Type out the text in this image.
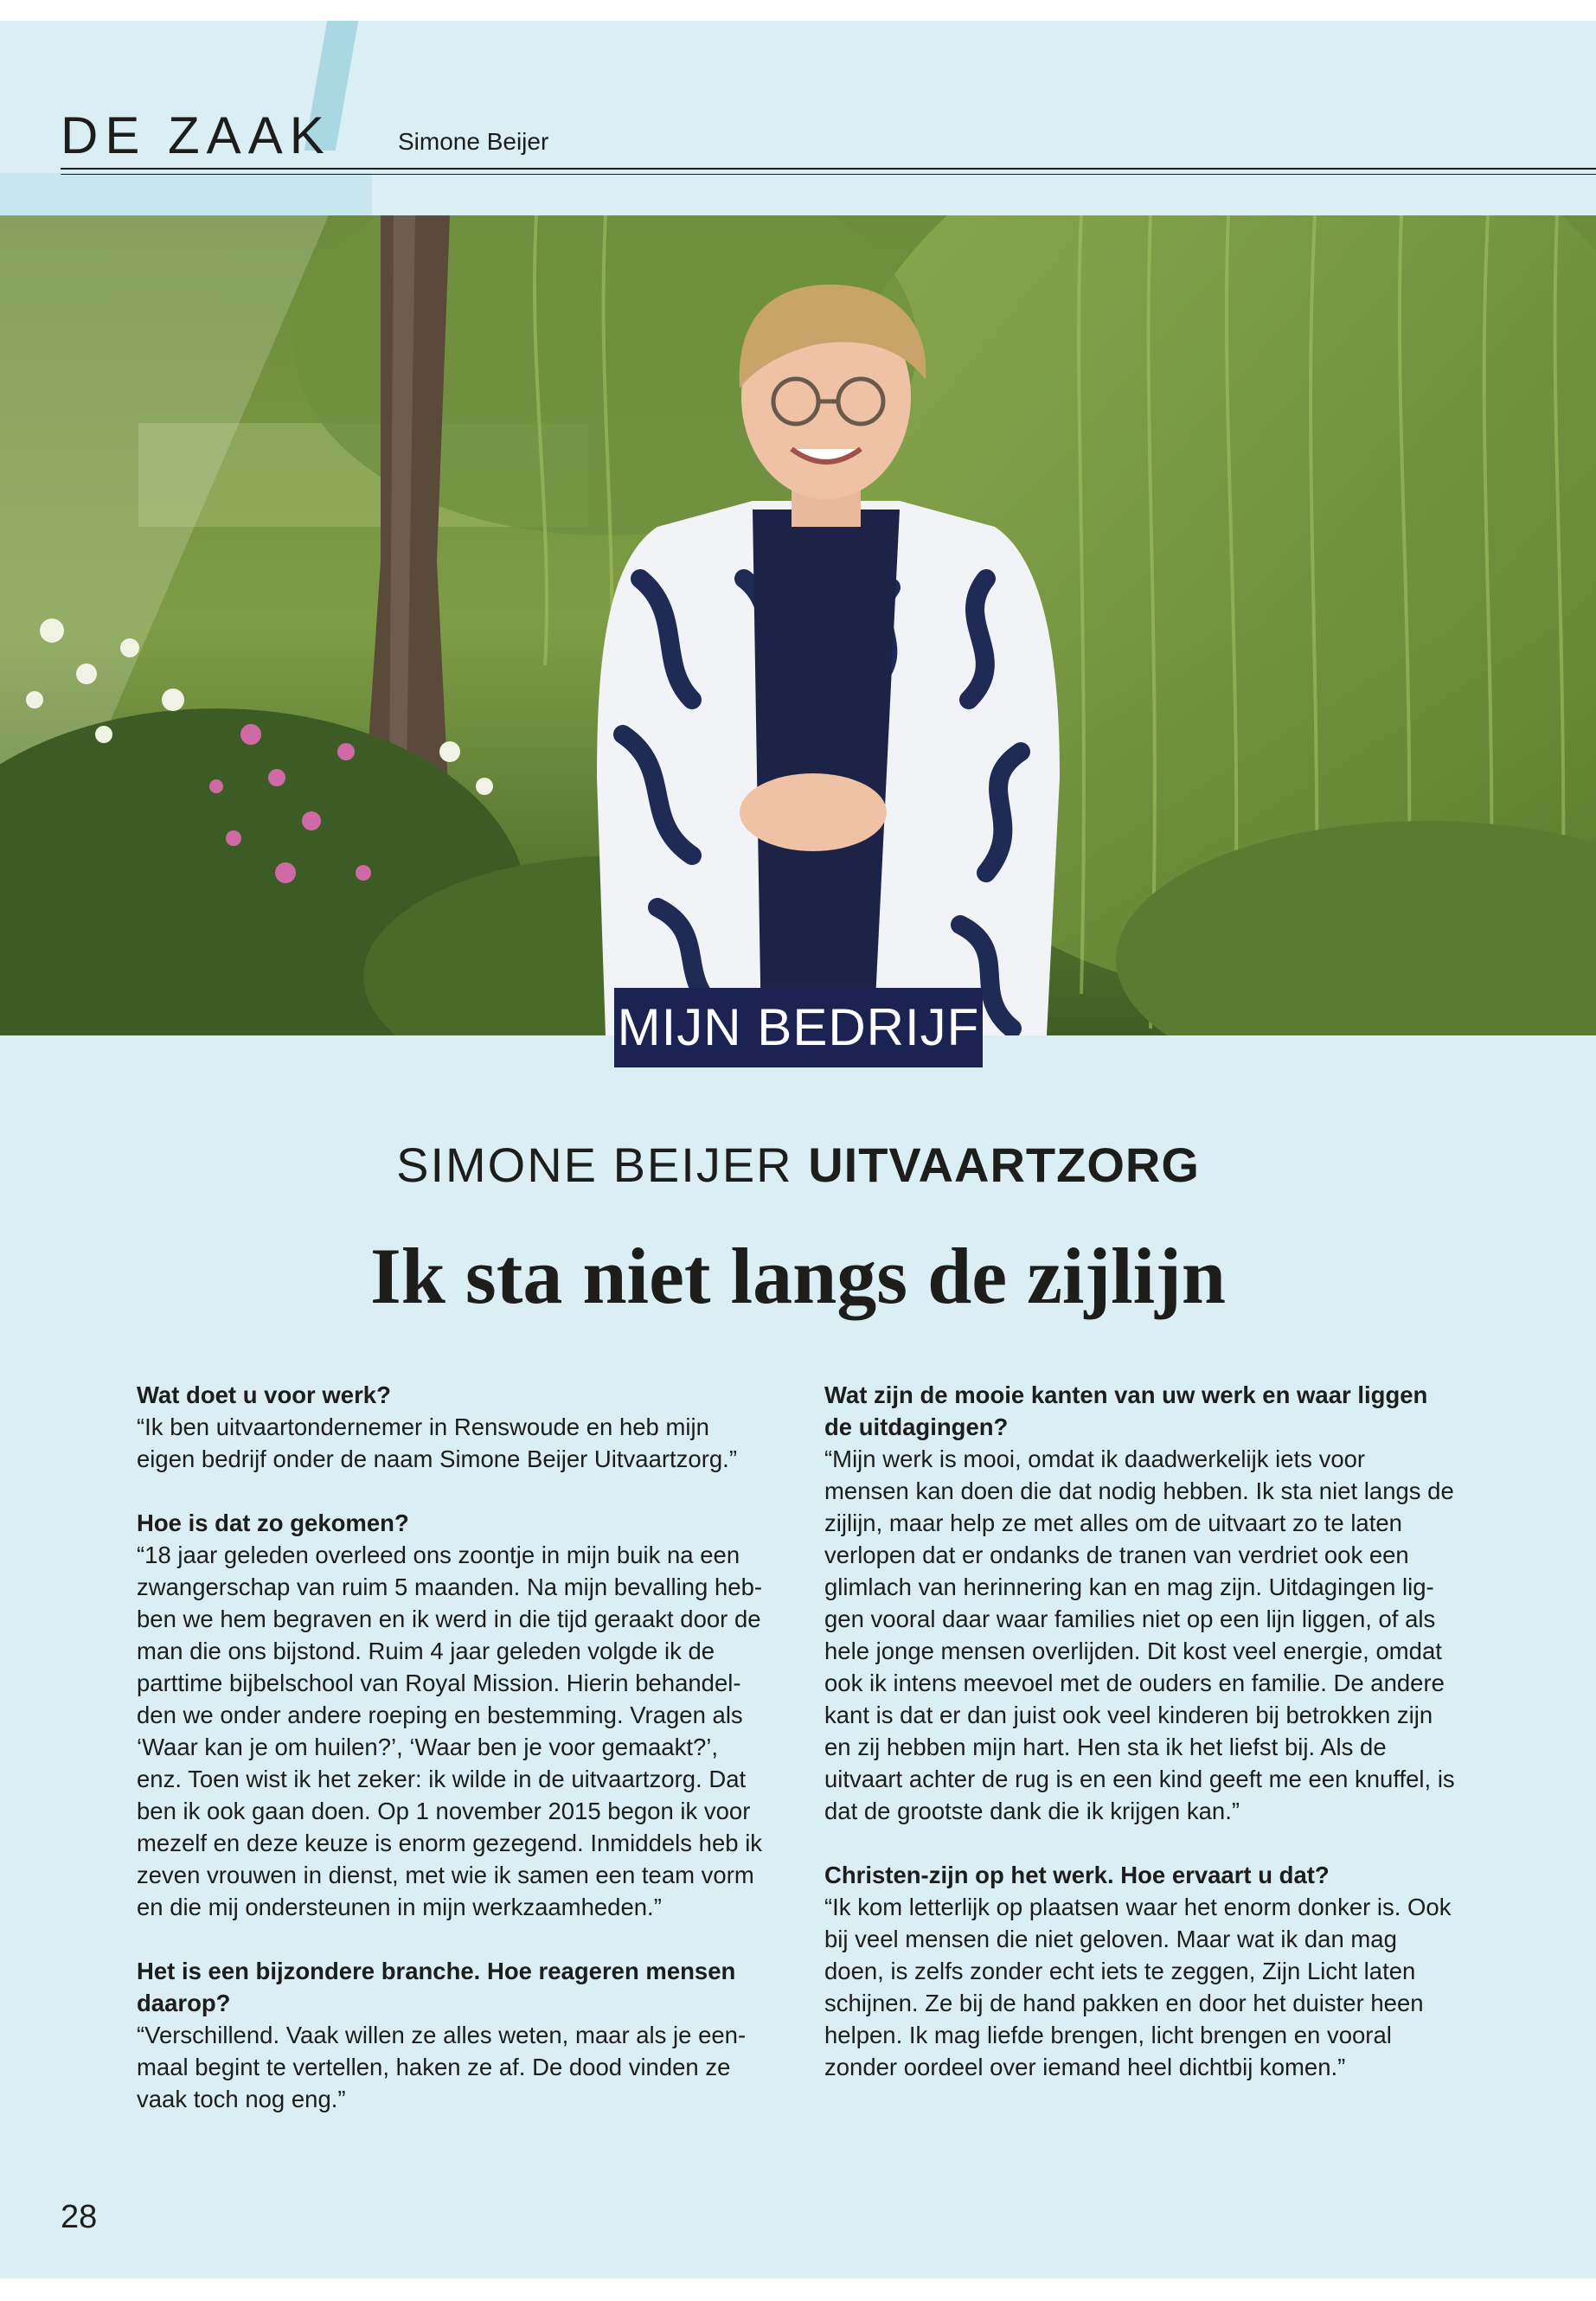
DE ZAAK	Simone Beijer
MIJN BEDRIJF
SIMONE BEIJER UITVAARTZORG
Ik sta niet langs de zijlijn

Wat doet u voor werk?

“Ik ben uitvaartondernemer in Renswoude en heb mijn eigen bedrijf onder de naam Simone Beijer Uitvaartzorg.”

Hoe is dat zo gekomen?

“18 jaar geleden overleed ons zoontje in mijn buik na een zwangerschap van ruim 5 maanden. Na mijn bevalling heb-ben we hem begraven en ik werd in die tijd geraakt door de man die ons bijstond. Ruim 4 jaar geleden volgde ik de parttime bijbelschool van Royal Mission. Hierin behandel-den we onder andere roeping en bestemming. Vragen als ‘Waar kan je om huilen?’, ‘Waar ben je voor gemaakt?’, enz. Toen wist ik het zeker: ik wilde in de uitvaartzorg. Dat ben ik ook gaan doen. Op 1 november 2015 begon ik voor mezelf en deze keuze is enorm gezegend. Inmiddels heb ik zeven vrouwen in dienst, met wie ik samen een team vorm en die mij ondersteunen in mijn werkzaamheden.”

Het is een bijzondere branche. Hoe reageren mensen daarop?

“Verschillend. Vaak willen ze alles weten, maar als je een-maal begint te vertellen, haken ze af. De dood vinden ze vaak toch nog eng.”

Wat zijn de mooie kanten van uw werk en waar liggen de uitdagingen?

“Mijn werk is mooi, omdat ik daadwerkelijk iets voor mensen kan doen die dat nodig hebben. Ik sta niet langs de zijlijn, maar help ze met alles om de uitvaart zo te laten verlopen dat er ondanks de tranen van verdriet ook een glimlach van herinnering kan en mag zijn. Uitdagingen lig-gen vooral daar waar families niet op een lijn liggen, of als hele jonge mensen overlijden. Dit kost veel energie, omdat ook ik intens meevoel met de ouders en familie. De andere kant is dat er dan juist ook veel kinderen bij betrokken zijn en zij hebben mijn hart. Hen sta ik het liefst bij. Als de uitvaart achter de rug is en een kind geeft me een knuffel, is dat de grootste dank die ik krijgen kan.”

Christen-zijn op het werk. Hoe ervaart u dat?

“Ik kom letterlijk op plaatsen waar het enorm donker is. Ook bij veel mensen die niet geloven. Maar wat ik dan mag doen, is zelfs zonder echt iets te zeggen, Zijn Licht laten schijnen. Ze bij de hand pakken en door het duister heen helpen. Ik mag liefde brengen, licht brengen en vooral zonder oordeel over iemand heel dichtbij komen.”

28
